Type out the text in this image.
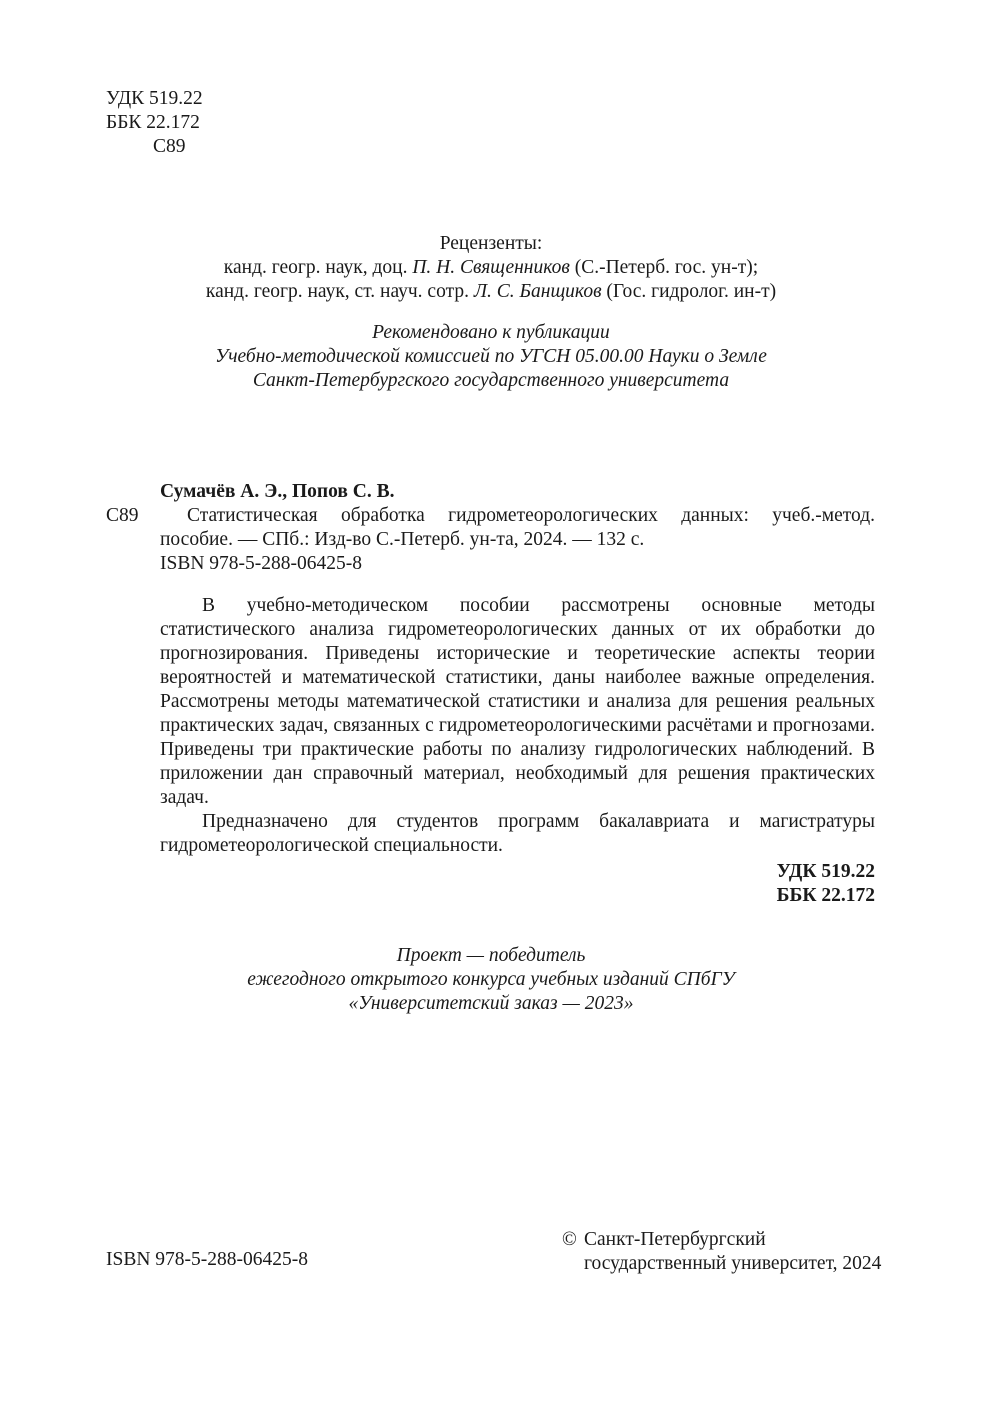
УДК 519.22

ББК 22.172

С89

Рецензенты:

канд. геогр. наук, доц. П. Н. Священников (С.-Петерб. гос. ун-т);

канд. геогр. наук, ст. науч. сотр. Л. С. Банщиков (Гос. гидролог. ин-т)

Рекомендовано к публикации

Учебно-методической комиссией по УГСН 05.00.00 Науки о Земле

Санкт-Петербургского государственного университета

Сумачёв А. Э., Попов С. В.
С89	Статистическая обработка гидрометеорологических данных: учеб.-метод.

пособие. — СПб.: Изд-во С.-Петерб. ун-та, 2024. — 132 с.

ISBN 978-5-288-06425-8

В учебно-методическом пособии рассмотрены основные методы статистического анализа гидрометеорологических данных от их обработки до прогнозирования. Приведены исторические и теоретические аспекты теории вероятностей и математической статистики, даны наиболее важные определения. Рассмотрены методы математической статистики и анализа для решения реальных практических задач, связанных с гидрометеорологическими расчётами и прогнозами. Приведены три практические работы по анализу гидрологических наблюдений. В приложении дан справочный материал, необходимый для решения практических задач.

Предназначено для студентов программ бакалавриата и магистратуры гидрометеорологической специальности.

УДК 519.22

ББК 22.172

Проект — победитель

ежегодного открытого конкурса учебных изданий СПбГУ

«Университетский заказ — 2023»

ISBN 978-5-288-06425-8

© Санкт-Петербургский

государственный университет, 2024
